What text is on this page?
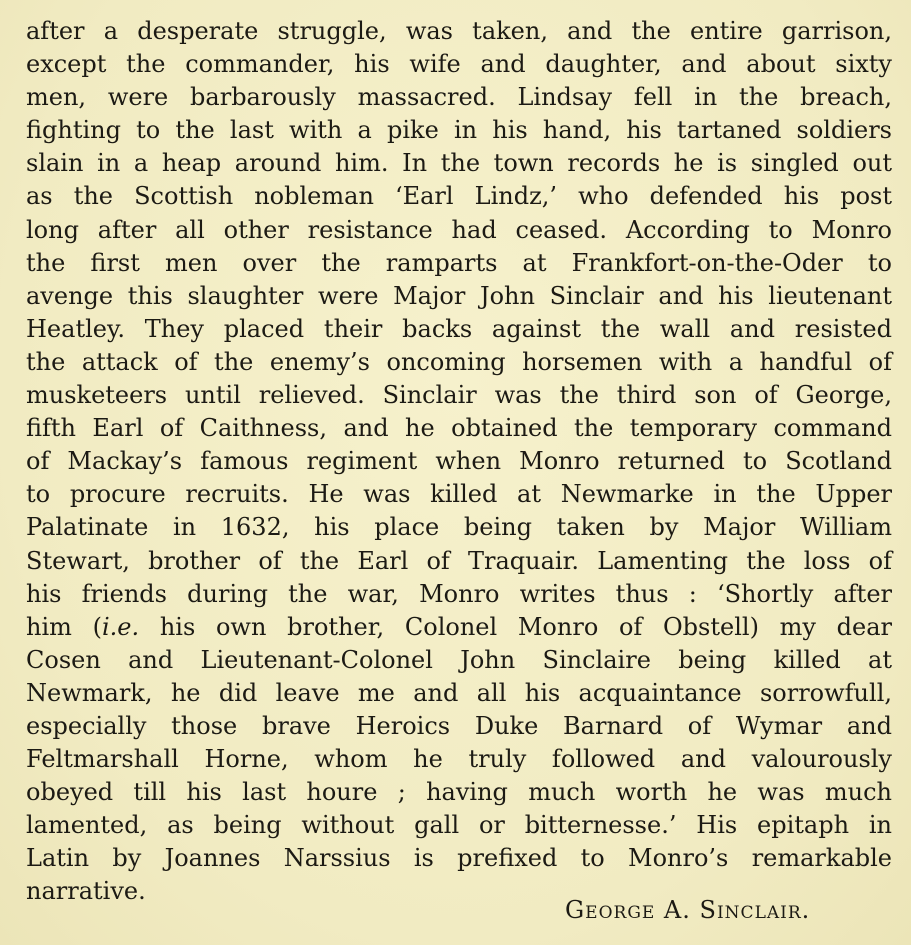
after a desperate struggle, was taken, and the entire garrison,
except the commander, his wife and daughter, and about sixty
men, were barbarously massacred. Lindsay fell in the breach,
fighting to the last with a pike in his hand, his tartaned soldiers
slain in a heap around him. In the town records he is singled out
as the Scottish nobleman ‘Earl Lindz,’ who defended his post
long after all other resistance had ceased. According to Monro
the first men over the ramparts at Frankfort-on-the-Oder to
avenge this slaughter were Major John Sinclair and his lieutenant
Heatley. They placed their backs against the wall and resisted
the attack of the enemy’s oncoming horsemen with a handful of
musketeers until relieved. Sinclair was the third son of George,
fifth Earl of Caithness, and he obtained the temporary command
of Mackay’s famous regiment when Monro returned to Scotland
to procure recruits. He was killed at Newmarke in the Upper
Palatinate in 1632, his place being taken by Major William
Stewart, brother of the Earl of Traquair. Lamenting the loss of
his friends during the war, Monro writes thus : ‘Shortly after
him (i.e. his own brother, Colonel Monro of Obstell) my dear
Cosen and Lieutenant-Colonel John Sinclaire being killed at
Newmark, he did leave me and all his acquaintance sorrowfull,
especially those brave Heroics Duke Barnard of Wymar and
Feltmarshall Horne, whom he truly followed and valourously
obeyed till his last houre ; having much worth he was much
lamented, as being without gall or bitternesse.’ His epitaph in
Latin by Joannes Narssius is prefixed to Monro’s remarkable
narrative.
George A. Sinclair.
